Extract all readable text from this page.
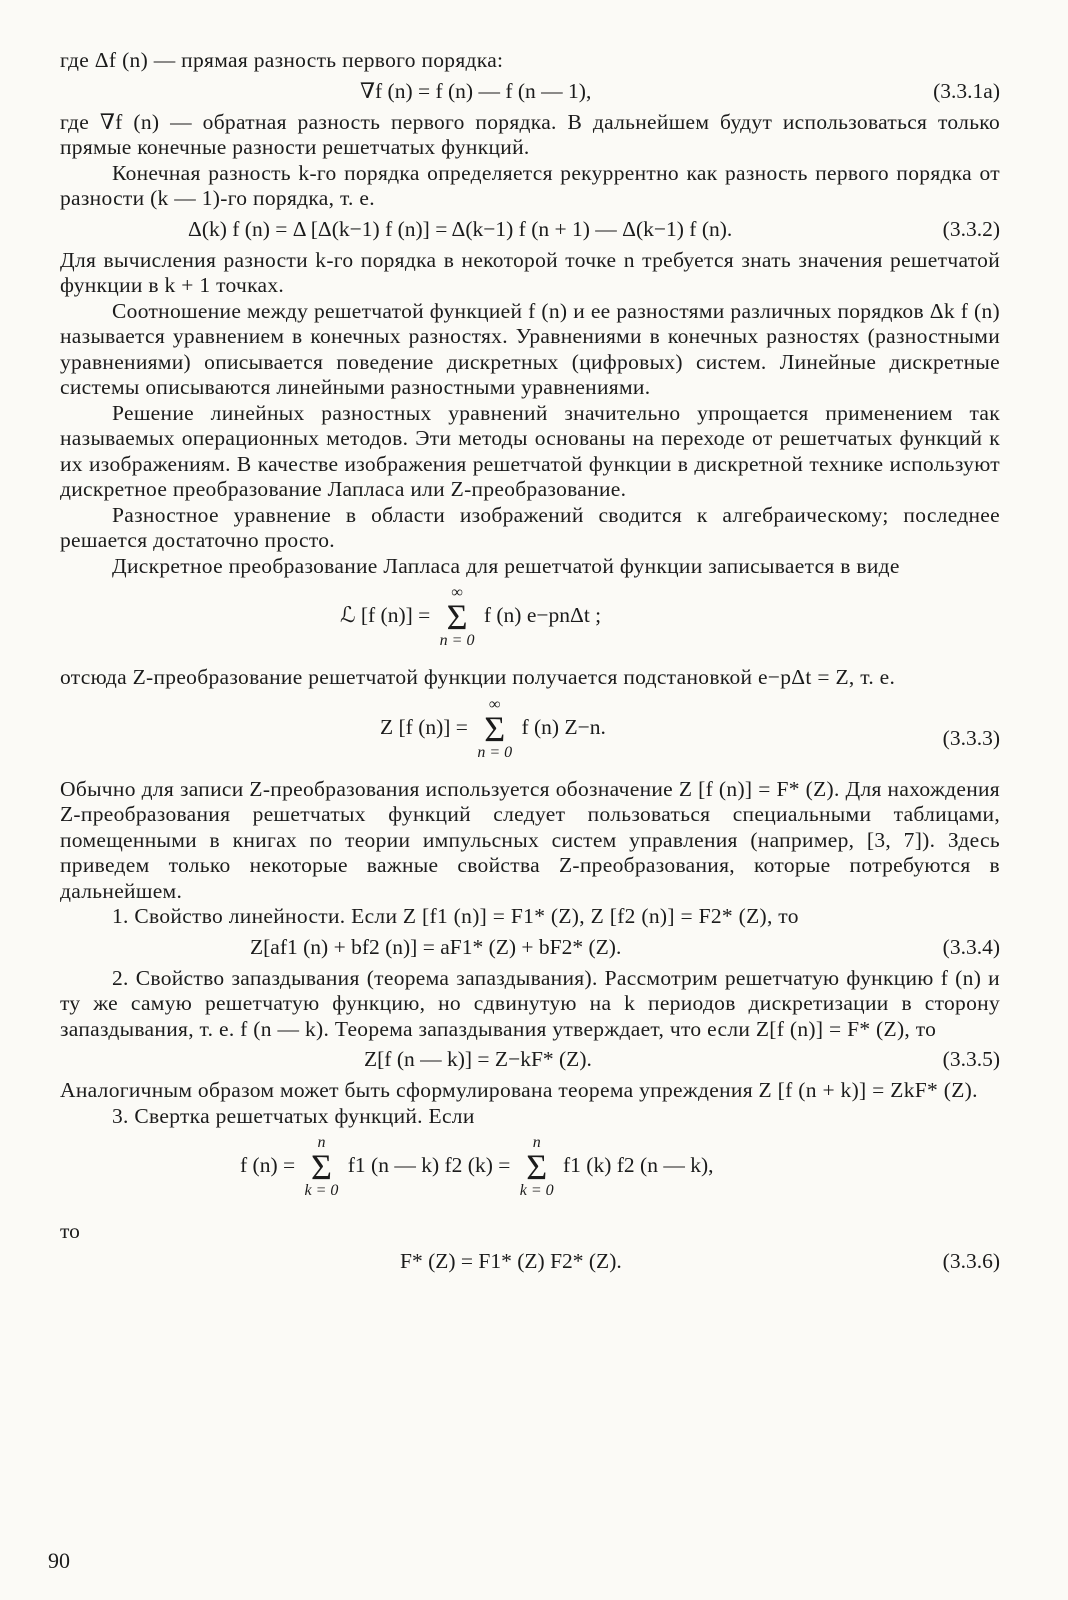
где Δf (n) — прямая разность первого порядка:

∇f (n) = f (n) — f (n — 1),	(3.3.1a)

где ∇f (n) — обратная разность первого порядка. В дальнейшем будут использоваться только прямые конечные разности решетчатых функций.

Конечная разность k-го порядка определяется рекуррентно как разность первого порядка от разности (k — 1)-го порядка, т. е.

Δ(k) f (n) = Δ [Δ(k−1) f (n)] = Δ(k−1) f (n + 1) — Δ(k−1) f (n).	(3.3.2)

Для вычисления разности k-го порядка в некоторой точке n требуется знать значения решетчатой функции в k + 1 точках.

Соотношение между решетчатой функцией f (n) и ее разностями различных порядков Δk f (n) называется уравнением в конечных разностях. Уравнениями в конечных разностях (разностными уравнениями) описывается поведение дискретных (цифровых) систем. Линейные дискретные системы описываются линейными разностными уравнениями.

Решение линейных разностных уравнений значительно упрощается применением так называемых операционных методов. Эти методы основаны на переходе от решетчатых функций к их изображениям. В качестве изображения решетчатой функции в дискретной технике используют дискретное преобразование Лапласа или Z-преобразование.

Разностное уравнение в области изображений сводится к алгебраическому; последнее решается достаточно просто.

Дискретное преобразование Лапласа для решетчатой функции записывается в виде

ℒ [f (n)] =
∞
Σ
n = 0
f (n) e−pnΔt ;

отсюда Z-преобразование решетчатой функции получается подстановкой e−pΔt = Z, т. е.

Z [f (n)] =
∞
Σ
n = 0
f (n) Z−n.	(3.3.3)

Обычно для записи Z-преобразования используется обозначение Z [f (n)] = F* (Z). Для нахождения Z-преобразования решетчатых функций следует пользоваться специальными таблицами, помещенными в книгах по теории импульсных систем управления (например, [3, 7]). Здесь приведем только некоторые важные свойства Z-преобразования, которые потребуются в дальнейшем.

1. Свойство линейности. Если Z [f1 (n)] = F1* (Z), Z [f2 (n)] = F2* (Z), то

Z[af1 (n) + bf2 (n)] = aF1* (Z) + bF2* (Z).	(3.3.4)

2. Свойство запаздывания (теорема запаздывания). Рассмотрим решетчатую функцию f (n) и ту же самую решетчатую функцию, но сдвинутую на k периодов дискретизации в сторону запаздывания, т. е. f (n — k). Теорема запаздывания утверждает, что если Z[f (n)] = F* (Z), то

Z[f (n — k)] = Z−kF* (Z).	(3.3.5)

Аналогичным образом может быть сформулирована теорема упреждения Z [f (n + k)] = ZkF* (Z).

3. Свертка решетчатых функций. Если

f (n) =
n
Σ
k = 0
f1 (n — k) f2 (k) =
n
Σ
k = 0
f1 (k) f2 (n — k),

то

F* (Z) = F1* (Z) F2* (Z).	(3.3.6)
90
